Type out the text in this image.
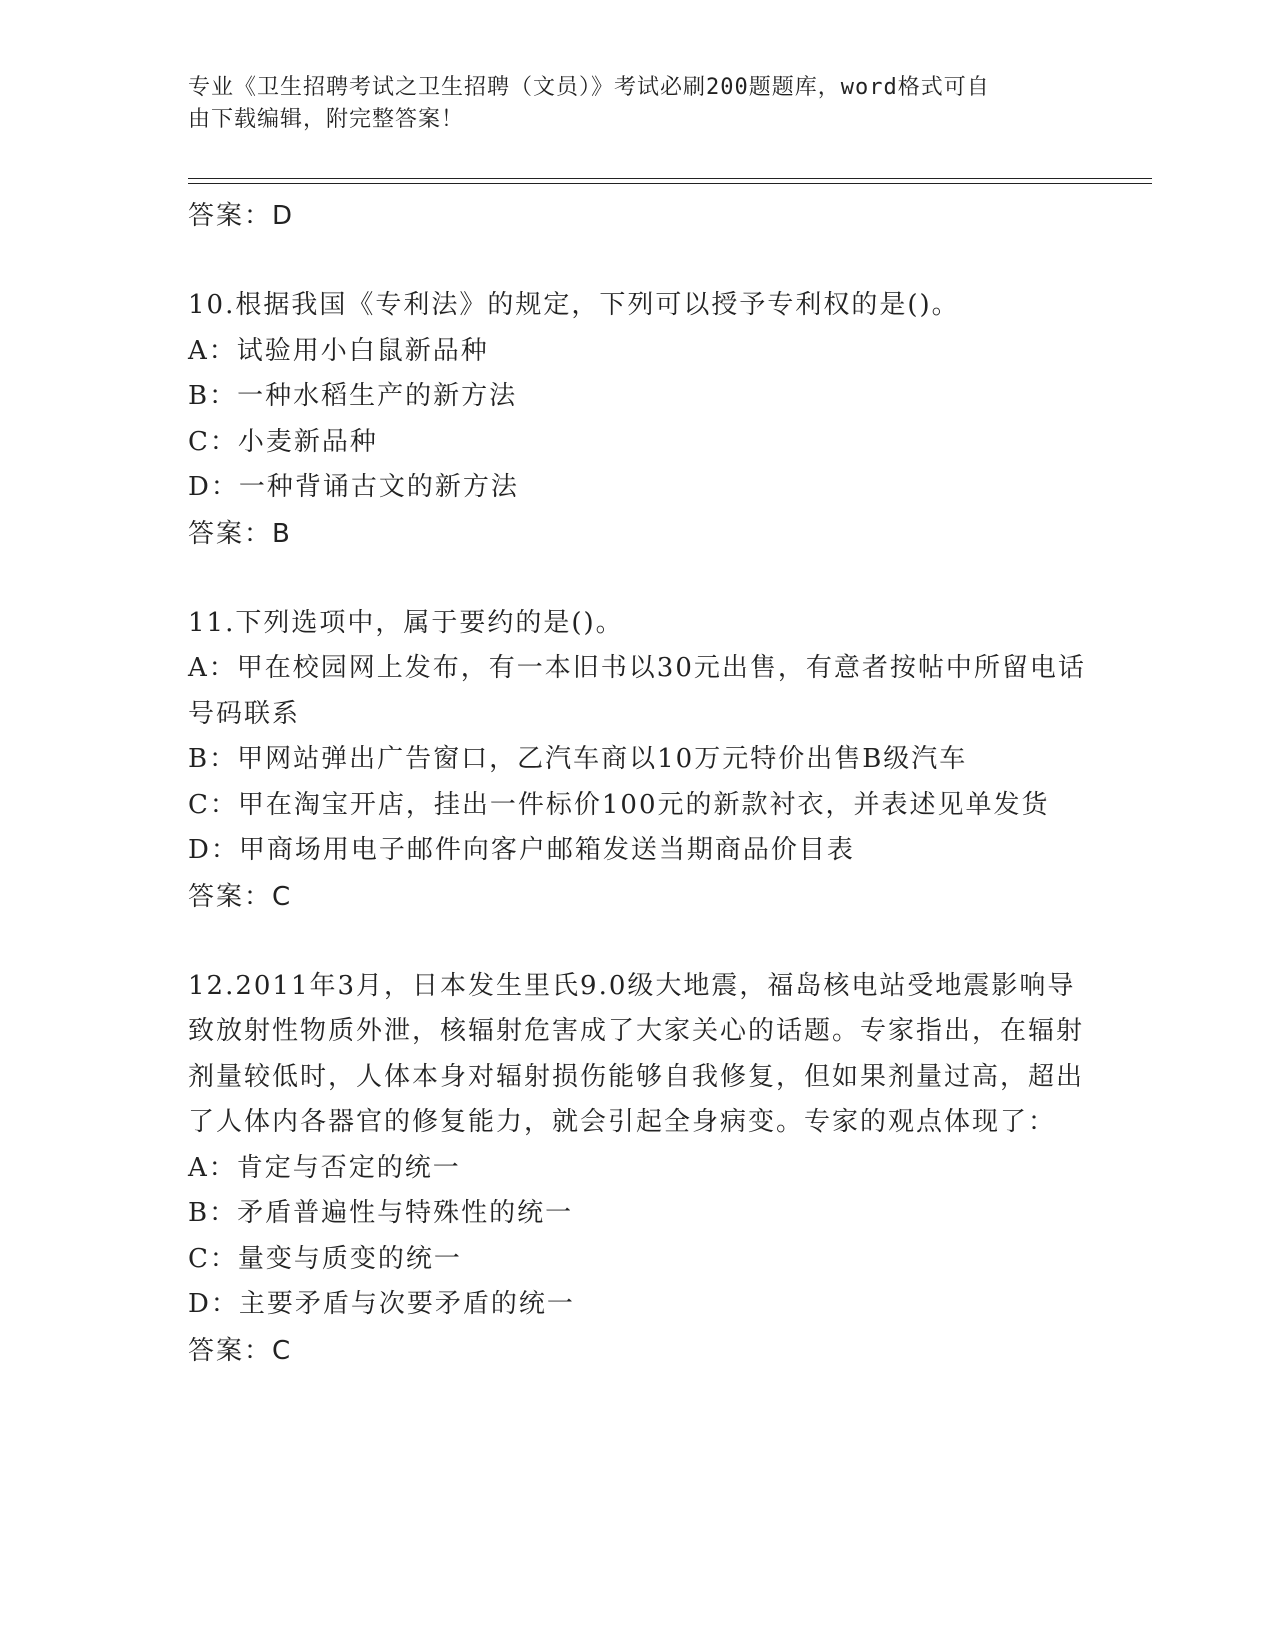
专业《卫生招聘考试之卫生招聘（文员）》考试必刷200题题库，word格式可自
由下载编辑，附完整答案！
答案：D
10.根据我国《专利法》的规定，下列可以授予专利权的是()。
A：试验用小白鼠新品种
B：一种水稻生产的新方法
C：小麦新品种
D：一种背诵古文的新方法
答案：B
11.下列选项中，属于要约的是()。
A：甲在校园网上发布，有一本旧书以30元出售，有意者按帖中所留电话号码联系
B：甲网站弹出广告窗口，乙汽车商以10万元特价出售B级汽车
C：甲在淘宝开店，挂出一件标价100元的新款衬衣，并表述见单发货
D：甲商场用电子邮件向客户邮箱发送当期商品价目表
答案：C
12.2011年3月，日本发生里氏9.0级大地震，福岛核电站受地震影响导致放射性物质外泄，核辐射危害成了大家关心的话题。专家指出，在辐射剂量较低时，人体本身对辐射损伤能够自我修复，但如果剂量过高，超出了人体内各器官的修复能力，就会引起全身病变。专家的观点体现了：
A：肯定与否定的统一
B：矛盾普遍性与特殊性的统一
C：量变与质变的统一
D：主要矛盾与次要矛盾的统一
答案：C
